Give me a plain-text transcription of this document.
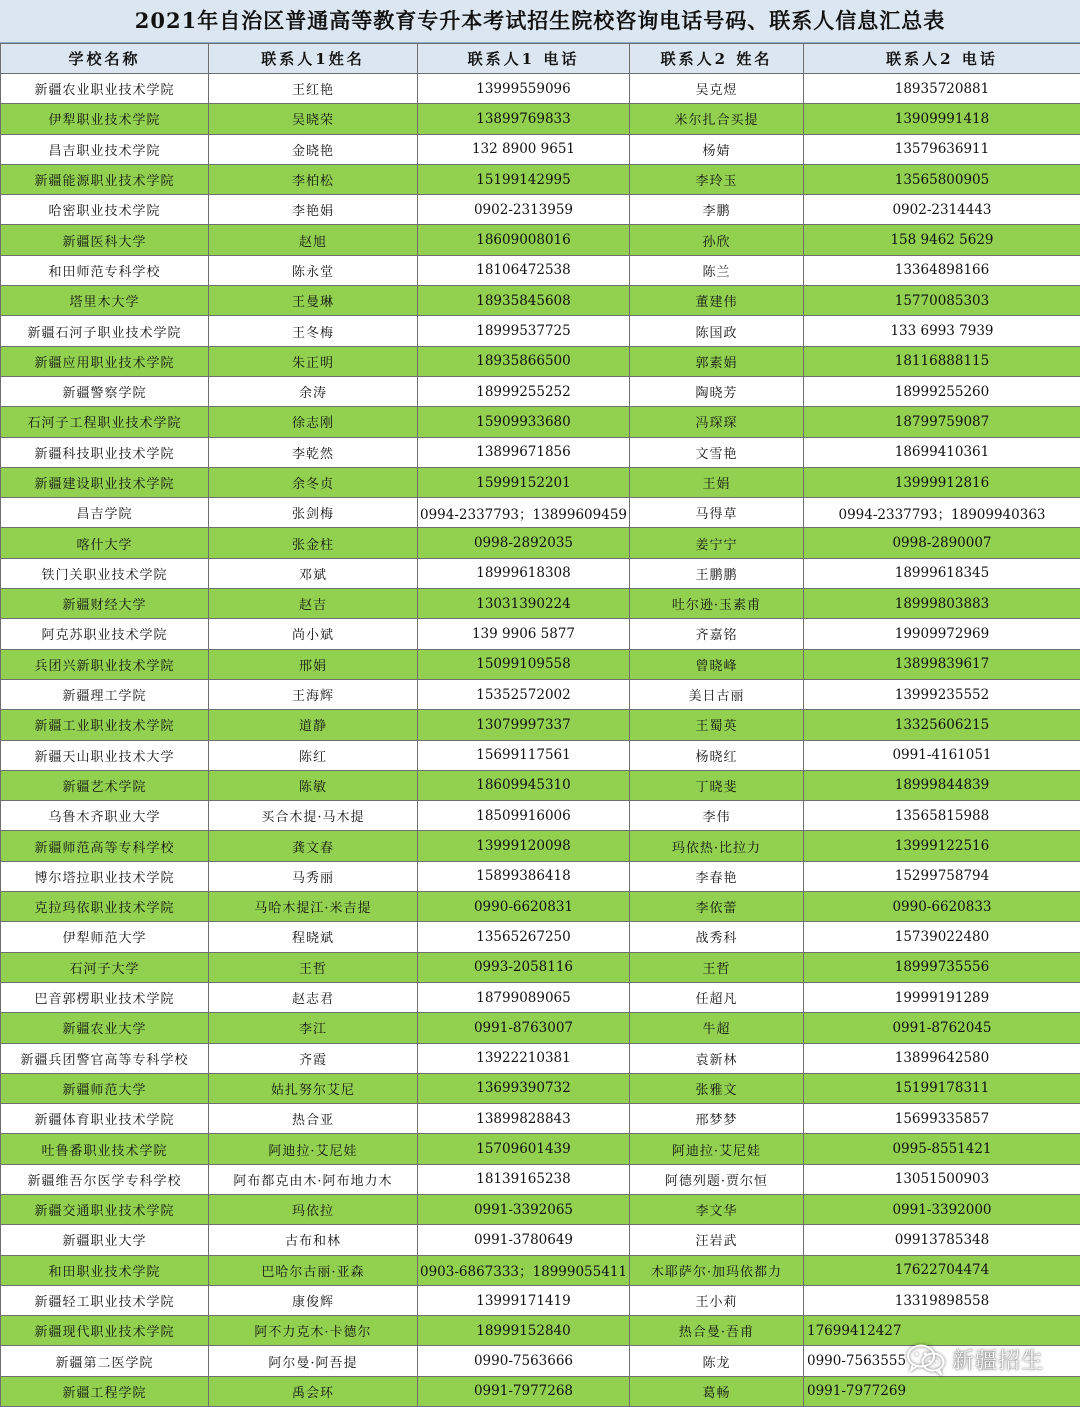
2021年自治区普通高等教育专升本考试招生院校咨询电话号码、联系人信息汇总表
学校名称	联系人1姓名	联系人1 电话	联系人2 姓名	联系人2 电话
新疆农业职业技术学院	王红艳	13999559096	吴克煜	18935720881
伊犁职业技术学院	吴晓荣	13899769833	米尔扎合买提	13909991418
昌吉职业技术学院	金晓艳	132 8900 9651	杨婧	13579636911
新疆能源职业技术学院	李柏松	15199142995	李玲玉	13565800905
哈密职业技术学院	李艳娟	0902-2313959	李鹏	0902-2314443
新疆医科大学	赵旭	18609008016	孙欣	158 9462 5629
和田师范专科学校	陈永堂	18106472538	陈兰	13364898166
塔里木大学	王曼琳	18935845608	董建伟	15770085303
新疆石河子职业技术学院	王冬梅	18999537725	陈国政	133 6993 7939
新疆应用职业技术学院	朱正明	18935866500	郭素娟	18116888115
新疆警察学院	余涛	18999255252	陶晓芳	18999255260
石河子工程职业技术学院	徐志刚	15909933680	冯琛琛	18799759087
新疆科技职业技术学院	李乾然	13899671856	文雪艳	18699410361
新疆建设职业技术学院	余冬贞	15999152201	王娟	13999912816
昌吉学院	张剑梅	0994-2337793；13899609459	马得草	0994-2337793；18909940363
喀什大学	张金柱	0998-2892035	姜宁宁	0998-2890007
铁门关职业技术学院	邓斌	18999618308	王鹏鹏	18999618345
新疆财经大学	赵吉	13031390224	吐尔逊·玉素甫	18999803883
阿克苏职业技术学院	尚小斌	139 9906 5877	齐嘉铭	19909972969
兵团兴新职业技术学院	邢娟	15099109558	曾晓峰	13899839617
新疆理工学院	王海辉	15352572002	美日古丽	13999235552
新疆工业职业技术学院	道静	13079997337	王蜀英	13325606215
新疆天山职业技术大学	陈红	15699117561	杨晓红	0991-4161051
新疆艺术学院	陈敏	18609945310	丁晓斐	18999844839
乌鲁木齐职业大学	买合木提·马木提	18509916006	李伟	13565815988
新疆师范高等专科学校	龚文春	13999120098	玛依热·比拉力	13999122516
博尔塔拉职业技术学院	马秀丽	15899386418	李春艳	15299758794
克拉玛依职业技术学院	马哈木提江·米吉提	0990-6620831	李依蕾	0990-6620833
伊犁师范大学	程晓斌	13565267250	战秀科	15739022480
石河子大学	王哲	0993-2058116	王哲	18999735556
巴音郭楞职业技术学院	赵志君	18799089065	任超凡	19999191289
新疆农业大学	李江	0991-8763007	牛超	0991-8762045
新疆兵团警官高等专科学校	齐霞	13922210381	袁新林	13899642580
新疆师范大学	姑扎努尔艾尼	13699390732	张雅文	15199178311
新疆体育职业技术学院	热合亚	13899828843	邢梦梦	15699335857
吐鲁番职业技术学院	阿迪拉·艾尼娃	15709601439	阿迪拉·艾尼娃	0995-8551421
新疆维吾尔医学专科学校	阿布都克由木·阿布地力木	18139165238	阿德列题·贾尔恒	13051500903
新疆交通职业技术学院	玛依拉	0991-3392065	李文华	0991-3392000
新疆职业大学	古布和林	0991-3780649	汪岩武	09913785348
和田职业技术学院	巴哈尔古丽·亚森	0903-6867333；18999055411	木耶萨尔·加玛依都力	17622704474
新疆轻工职业技术学院	康俊辉	13999171419	王小莉	13319898558
新疆现代职业技术学院	阿不力克木·卡德尔	18999152840	热合曼·吾甫	17699412427
新疆第二医学院	阿尔曼·阿吾提	0990-7563666	陈龙	0990-7563555
新疆工程学院	禹会环	0991-7977268	葛畅	0991-7977269
新疆招生
